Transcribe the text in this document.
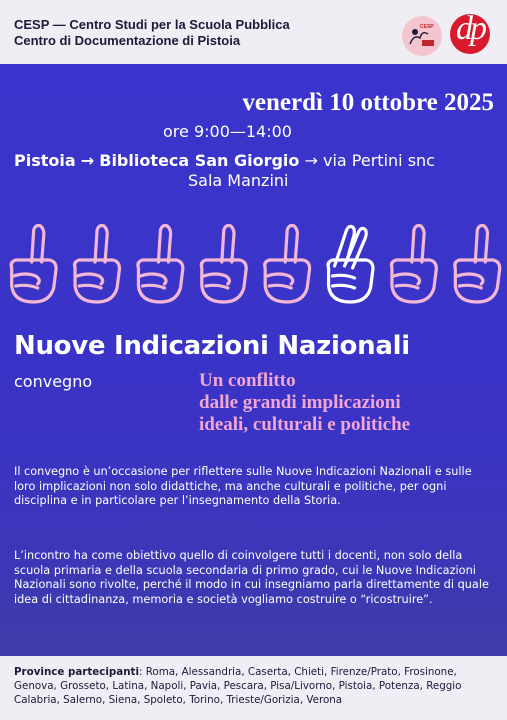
CESP — Centro Studi per la Scuola Pubblica
Centro di Documentazione di Pistoia
CESP dp
venerdì 10 ottobre 2025
ore 9:00—14:00
Pistoia → Biblioteca San Giorgio → via Pertini snc
Sala Manzini
Nuove Indicazioni Nazionali
convegno	Un conflitto
dalle grandi implicazioni
ideali, culturali e politiche
Il convegno è un’occasione per riflettere sulle Nuove Indicazioni Nazionali e sulle loro implicazioni non solo didattiche, ma anche culturali e politiche, per ogni disciplina e in particolare per l’insegnamento della Storia.
L’incontro ha come obiettivo quello di coinvolgere tutti i docenti, non solo della scuola primaria e della scuola secondaria di primo grado, cui le Nuove Indicazioni Nazionali sono rivolte, perché il modo in cui insegniamo parla direttamente di quale idea di cittadinanza, memoria e società vogliamo costruire o “ricostruire”.
Province partecipanti: Roma, Alessandria, Caserta, Chieti, Firenze/Prato, Frosinone, Genova, Grosseto, Latina, Napoli, Pavia, Pescara, Pisa/Livorno, Pistoia, Potenza, Reggio Calabria, Salerno, Siena, Spoleto, Torino, Trieste/Gorizia, Verona
